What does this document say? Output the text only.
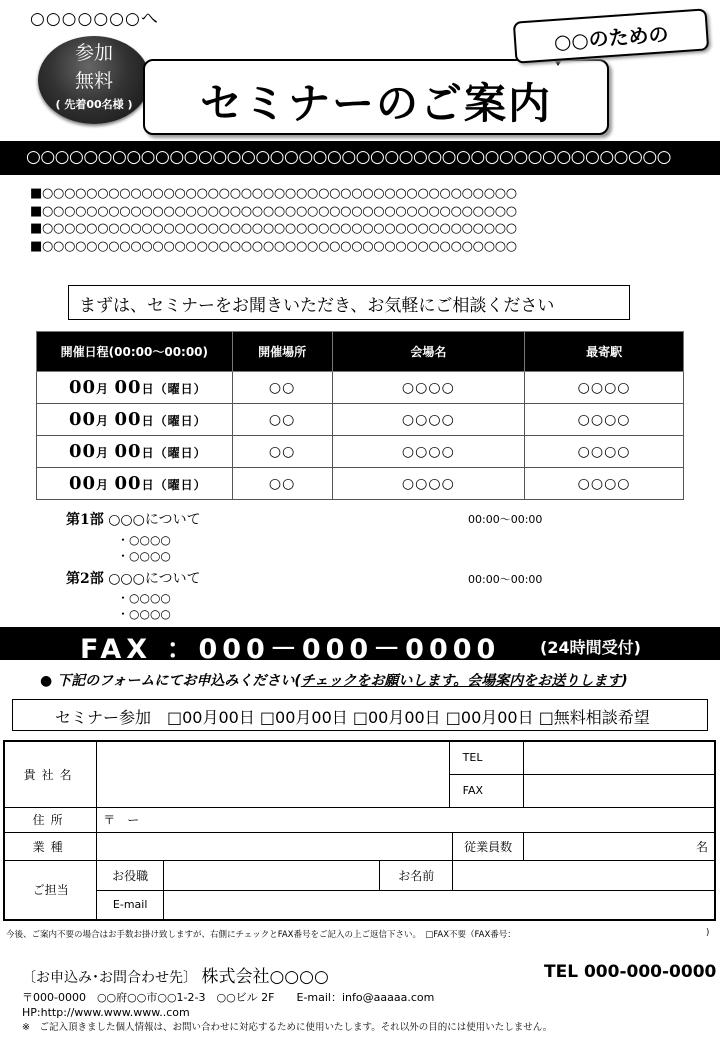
○○○○○○○へ
参加
無料
( 先着00名様 )	セミナーのご案内
○○のための
○○○○○○○○○○○○○○○○○○○○○○○○○○○○○○○○○○○○○○○○○○○○○
■○○○○○○○○○○○○○○○○○○○○○○○○○○○○○○○○○○○○○○○○○○○
■○○○○○○○○○○○○○○○○○○○○○○○○○○○○○○○○○○○○○○○○○○○
■○○○○○○○○○○○○○○○○○○○○○○○○○○○○○○○○○○○○○○○○○○○
■○○○○○○○○○○○○○○○○○○○○○○○○○○○○○○○○○○○○○○○○○○○
まずは、セミナーをお聞きいただき、お気軽にご相談ください
開催日程(00:00～00:00)	開催場所	会場名	最寄駅
00月 00日（曜日）	○○	○○○○	○○○○
00月 00日（曜日）	○○	○○○○	○○○○
00月 00日（曜日）	○○	○○○○	○○○○
00月 00日（曜日）	○○	○○○○	○○○○
第1部 ○○○について	00:00～00:00
・○○○○
・○○○○
第2部 ○○○について	00:00～00:00
・○○○○
・○○○○
FAX ：000－000－0000 (24時間受付)
● 下記のフォームにてお申込みください(チェックをお願いします。会場案内をお送りします)
セミナー参加　□00月00日 □00月00日 □00月00日 □00月00日 □無料相談希望
貴社名					TEL	
					FAX	
住所	〒　ー					
業種					従業員数	名
ご担当	お役職		お名前			
	E-mail					
今後、ご案内不要の場合はお手数お掛け致しますが、右側にチェックとFAX番号をご記入の上ご返信下さい。　□FAX不要（FAX番号：	)
〔お申込み･お問合わせ先〕 株式会社○○○○	TEL 000-000-0000
〒000-0000　○○府○○市○○1-2-3　○○ビル 2F　　E-mail：info@aaaaa.com
HP:http://www.www.www..com
※　ご記入頂きました個人情報は、お問い合わせに対応するために使用いたします。それ以外の目的には使用いたしません。
